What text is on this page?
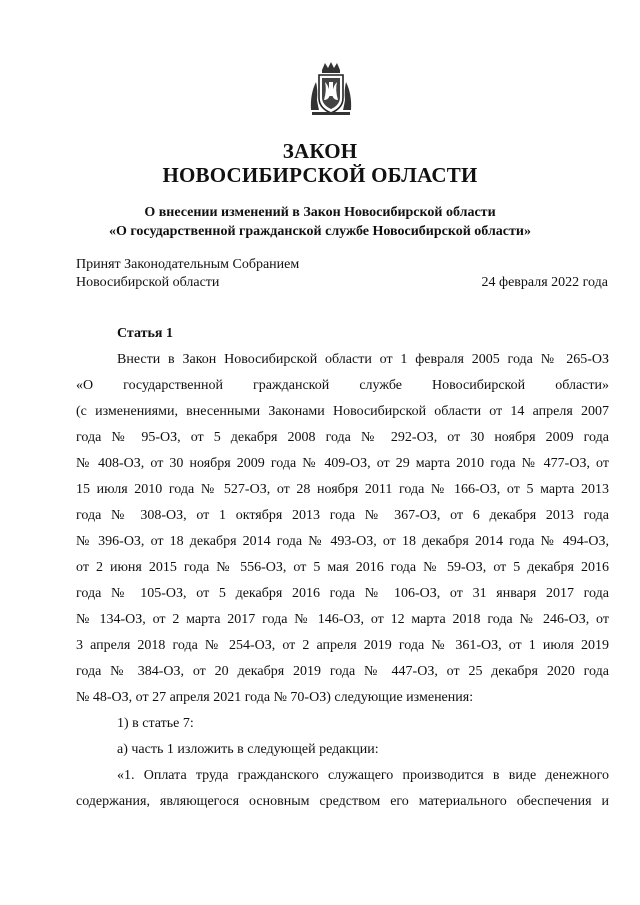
ЗАКОН
НОВОСИБИРСКОЙ ОБЛАСТИ
О внесении изменений в Закон Новосибирской области
«О государственной гражданской службе Новосибирской области»
Принят Законодательным Собранием
Новосибирской области	24 февраля 2022 года
Статья 1
Внести в Закон Новосибирской области от 1 февраля 2005 года № 265-ОЗ
«О государственной гражданской службе Новосибирской области»
(с изменениями, внесенными Законами Новосибирской области от 14 апреля 2007
года № 95-ОЗ, от 5 декабря 2008 года № 292-ОЗ, от 30 ноября 2009 года
№ 408-ОЗ, от 30 ноября 2009 года № 409-ОЗ, от 29 марта 2010 года № 477-ОЗ, от
15 июля 2010 года № 527-ОЗ, от 28 ноября 2011 года № 166-ОЗ, от 5 марта 2013
года № 308-ОЗ, от 1 октября 2013 года № 367-ОЗ, от 6 декабря 2013 года
№ 396-ОЗ, от 18 декабря 2014 года № 493-ОЗ, от 18 декабря 2014 года № 494-ОЗ,
от 2 июня 2015 года № 556-ОЗ, от 5 мая 2016 года № 59-ОЗ, от 5 декабря 2016
года № 105-ОЗ, от 5 декабря 2016 года № 106-ОЗ, от 31 января 2017 года
№ 134-ОЗ, от 2 марта 2017 года № 146-ОЗ, от 12 марта 2018 года № 246-ОЗ, от
3 апреля 2018 года № 254-ОЗ, от 2 апреля 2019 года № 361-ОЗ, от 1 июля 2019
года № 384-ОЗ, от 20 декабря 2019 года № 447-ОЗ, от 25 декабря 2020 года
№ 48-ОЗ, от 27 апреля 2021 года № 70-ОЗ) следующие изменения:
1) в статье 7:
а) часть 1 изложить в следующей редакции:
«1. Оплата труда гражданского служащего производится в виде денежного
содержания, являющегося основным средством его материального обеспечения и
